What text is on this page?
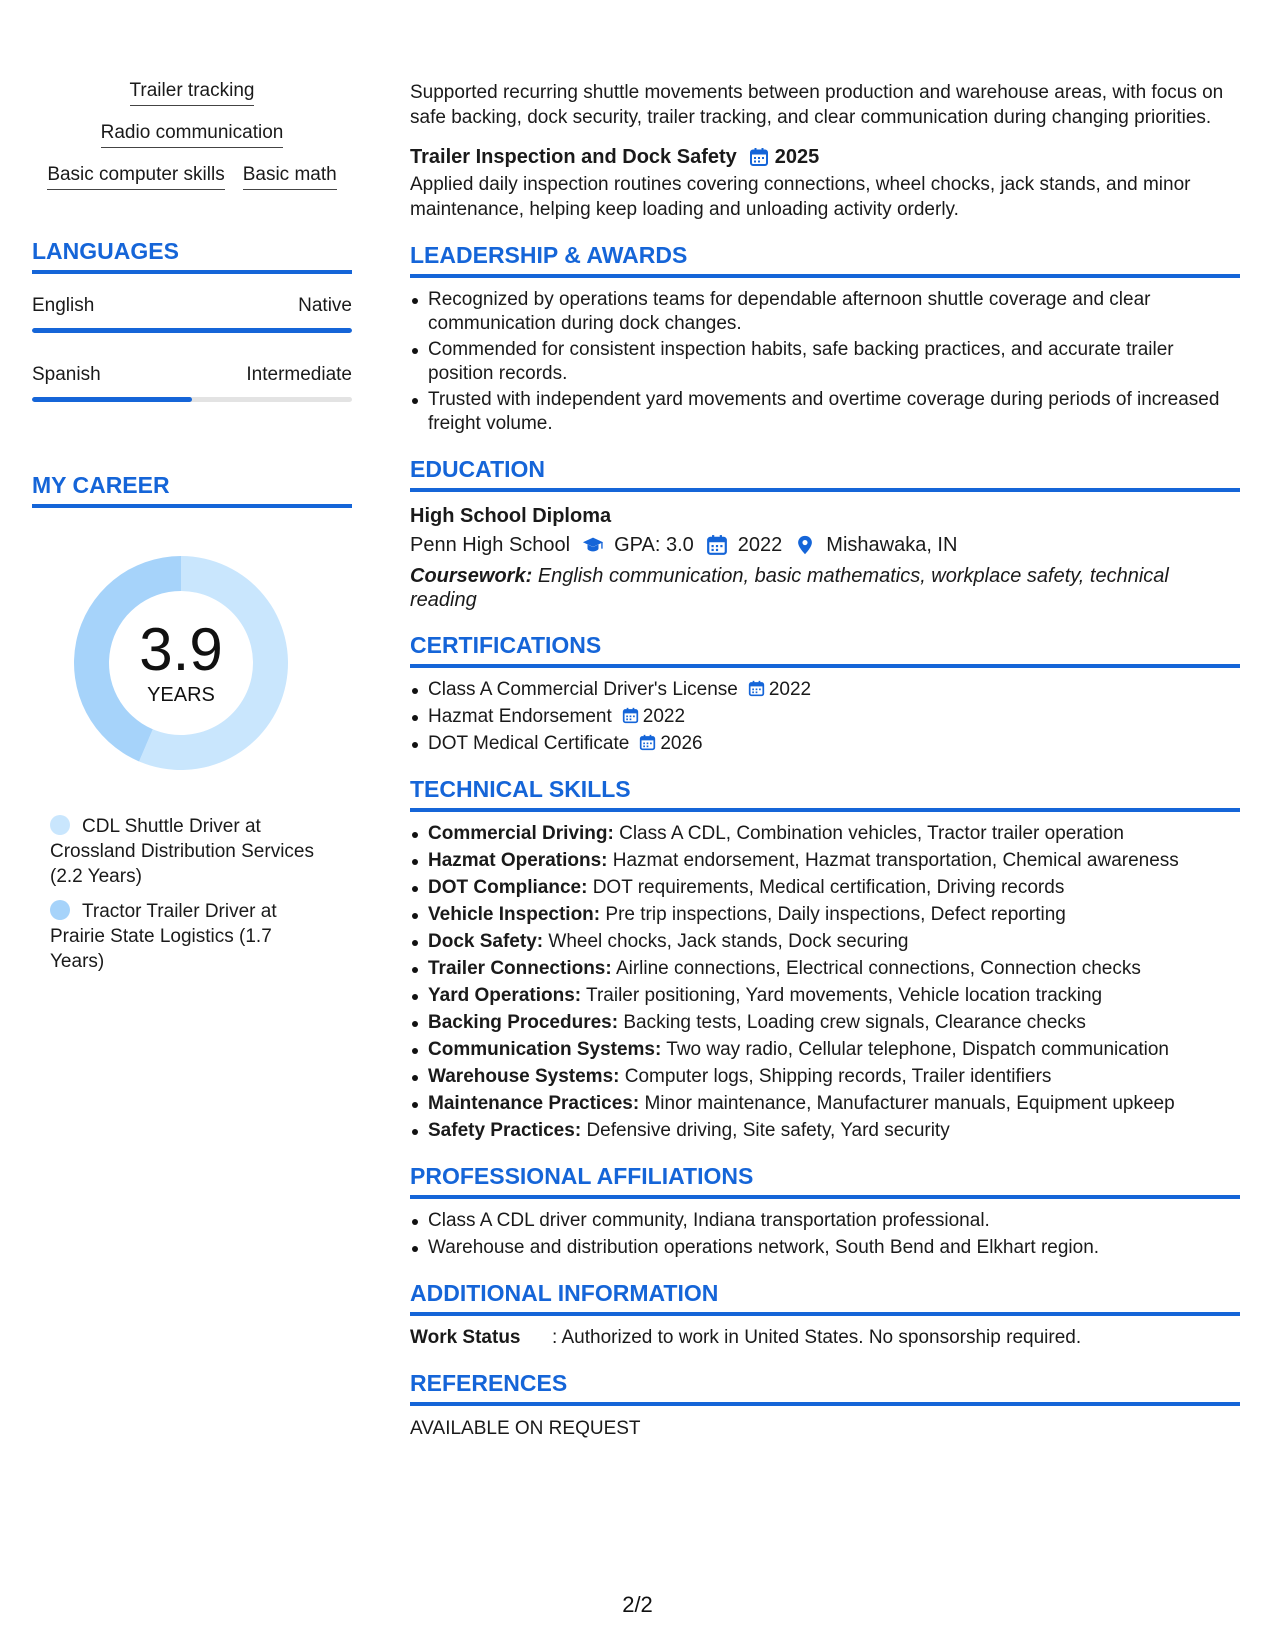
Trailer tracking
Radio communication
Basic computer skills Basic math
LANGUAGES
English	Native
Spanish	Intermediate
MY CAREER
3.9
YEARS
CDL Shuttle Driver at Crossland Distribution Services (2.2 Years)
Tractor Trailer Driver at Prairie State Logistics (1.7 Years)
Supported recurring shuttle movements between production and warehouse areas, with focus on safe backing, dock security, trailer tracking, and clear communication during changing priorities.
Trailer Inspection and Dock Safety 2025
Applied daily inspection routines covering connections, wheel chocks, jack stands, and minor maintenance, helping keep loading and unloading activity orderly.
LEADERSHIP & AWARDS
Recognized by operations teams for dependable afternoon shuttle coverage and clear communication during dock changes.
Commended for consistent inspection habits, safe backing practices, and accurate trailer position records.
Trusted with independent yard movements and overtime coverage during periods of increased freight volume.
EDUCATION
High School Diploma
Penn High School GPA: 3.0 2022 Mishawaka, IN
Coursework: English communication, basic mathematics, workplace safety, technical reading
CERTIFICATIONS
Class A Commercial Driver's License 2022
Hazmat Endorsement 2022
DOT Medical Certificate 2026
TECHNICAL SKILLS
Commercial Driving: Class A CDL, Combination vehicles, Tractor trailer operation
Hazmat Operations: Hazmat endorsement, Hazmat transportation, Chemical awareness
DOT Compliance: DOT requirements, Medical certification, Driving records
Vehicle Inspection: Pre trip inspections, Daily inspections, Defect reporting
Dock Safety: Wheel chocks, Jack stands, Dock securing
Trailer Connections: Airline connections, Electrical connections, Connection checks
Yard Operations: Trailer positioning, Yard movements, Vehicle location tracking
Backing Procedures: Backing tests, Loading crew signals, Clearance checks
Communication Systems: Two way radio, Cellular telephone, Dispatch communication
Warehouse Systems: Computer logs, Shipping records, Trailer identifiers
Maintenance Practices: Minor maintenance, Manufacturer manuals, Equipment upkeep
Safety Practices: Defensive driving, Site safety, Yard security
PROFESSIONAL AFFILIATIONS
Class A CDL driver community, Indiana transportation professional.
Warehouse and distribution operations network, South Bend and Elkhart region.
ADDITIONAL INFORMATION
Work Status	: Authorized to work in United States. No sponsorship required.
REFERENCES
AVAILABLE ON REQUEST
2/2
